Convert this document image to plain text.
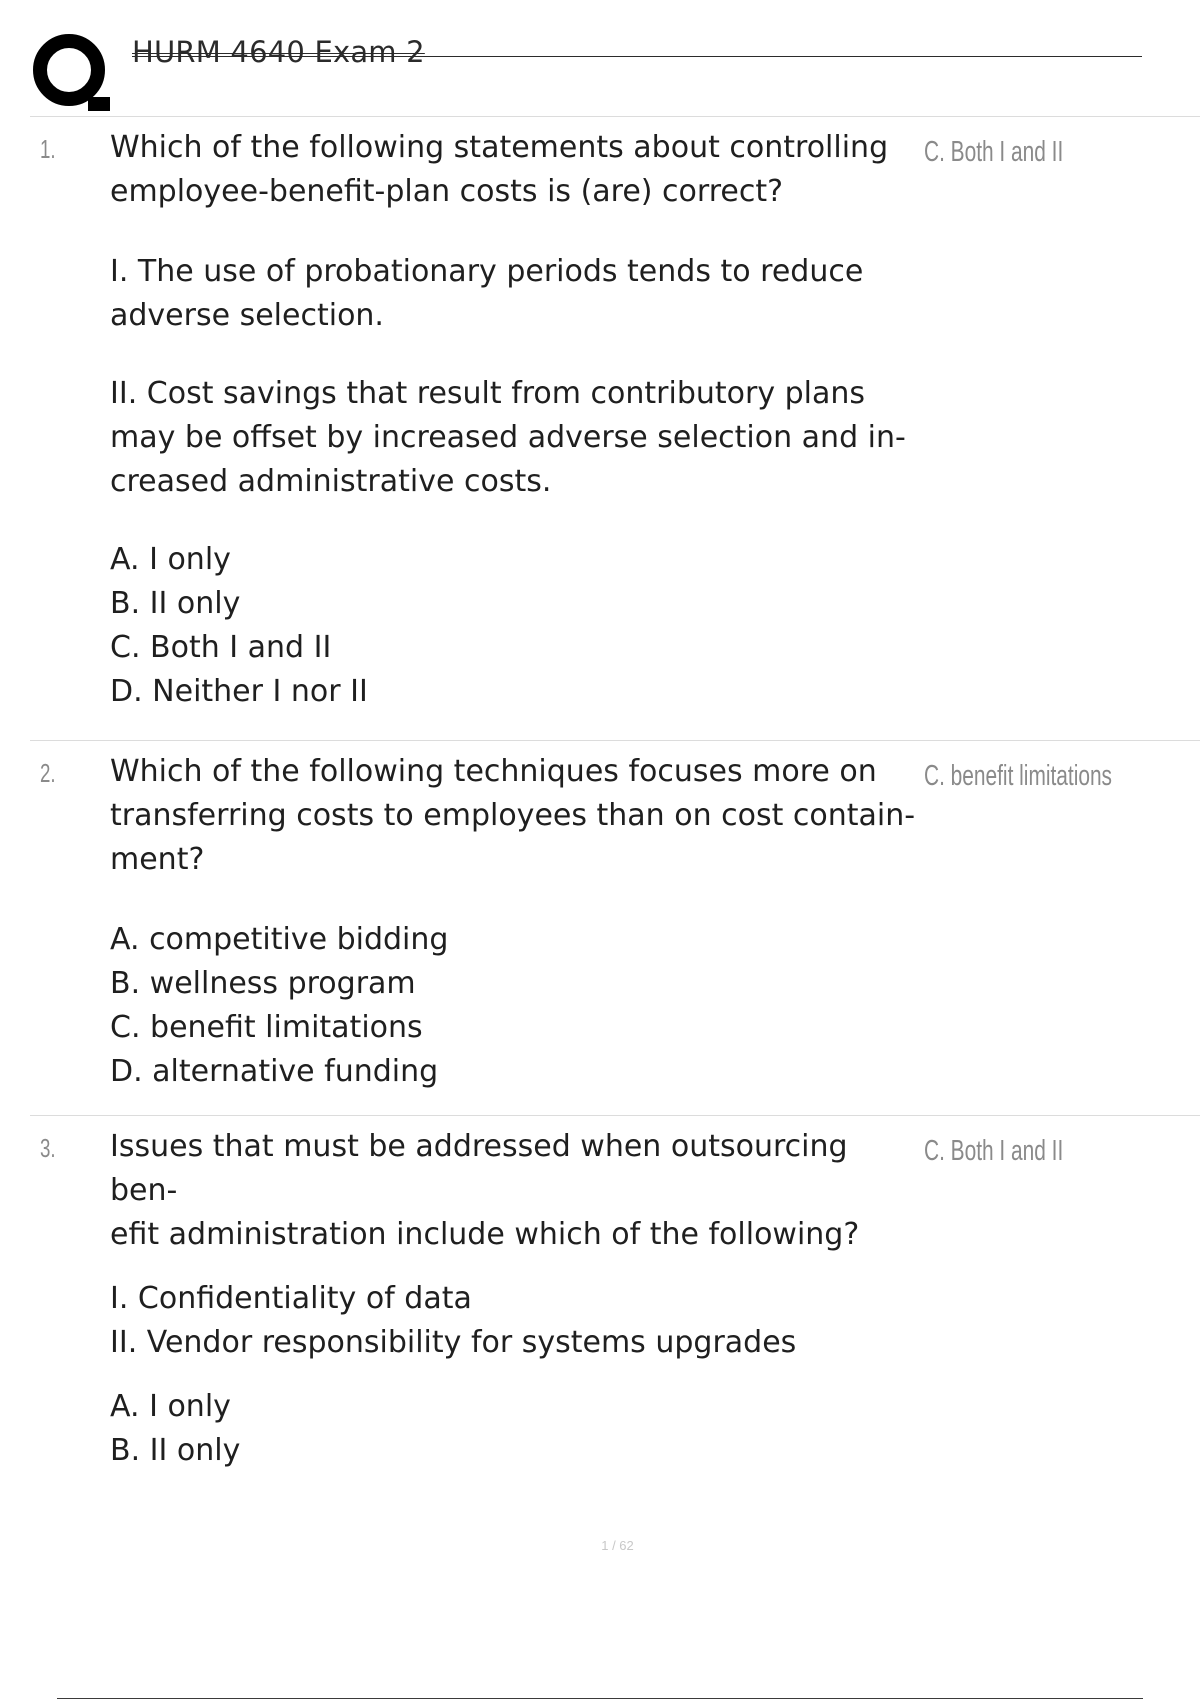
HURM 4640 Exam 2
1. Which of the following statements about controlling

employee-benefit-plan costs is (are) correct?

I. The use of probationary periods tends to reduce

adverse selection.

II. Cost savings that result from contributory plans

may be offset by increased adverse selection and in-

creased administrative costs.

A. I only

B. II only

C. Both I and II

D. Neither I nor II

C. Both I and II
2. Which of the following techniques focuses more on

transferring costs to employees than on cost contain-

ment?

A. competitive bidding

B. wellness program

C. benefit limitations

D. alternative funding

C. benefit limitations
3. Issues that must be addressed when outsourcing ben-

efit administration include which of the following?

I. Confidentiality of data

II. Vendor responsibility for systems upgrades

A. I only

B. II only

C. Both I and II
1 / 62
